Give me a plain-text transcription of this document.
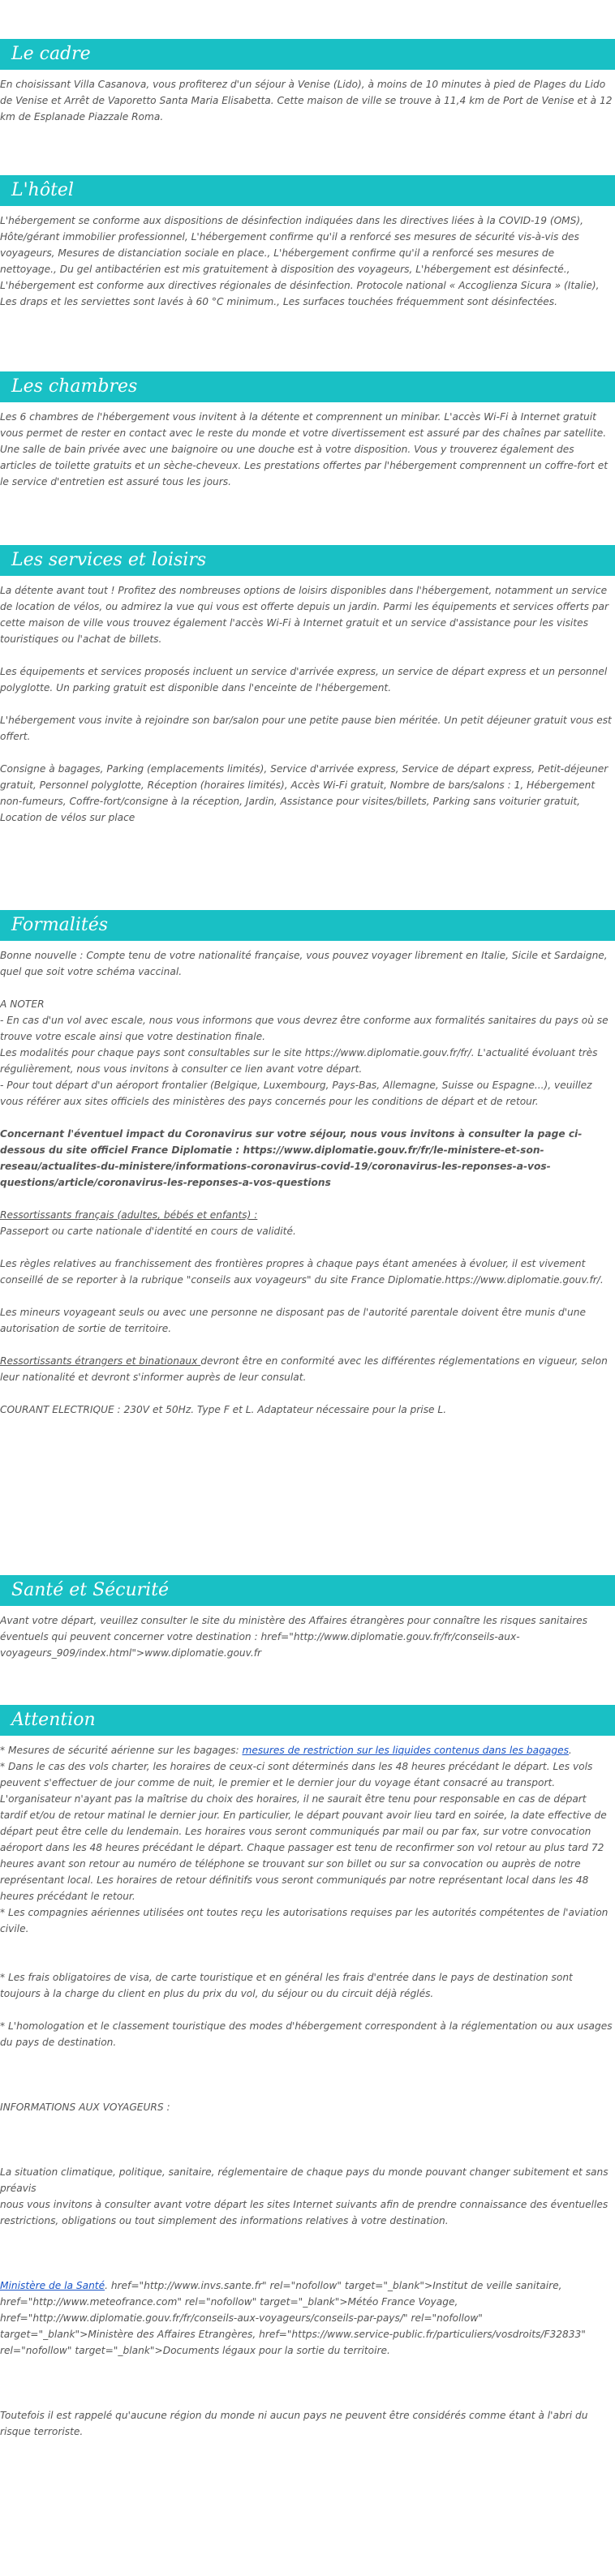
Le cadre

En choisissant Villa Casanova, vous profiterez d'un séjour à Venise (Lido), à moins de 10 minutes à pied de Plages du Lido de Venise et Arrêt de Vaporetto Santa Maria Elisabetta. Cette maison de ville se trouve à 11,4 km de Port de Venise et à 12 km de Esplanade Piazzale Roma.

L'hôtel

L'hébergement se conforme aux dispositions de désinfection indiquées dans les directives liées à la COVID-19 (OMS), Hôte/gérant immobilier professionnel, L'hébergement confirme qu'il a renforcé ses mesures de sécurité vis-à-vis des voyageurs, Mesures de distanciation sociale en place., L'hébergement confirme qu'il a renforcé ses mesures de nettoyage., Du gel antibactérien est mis gratuitement à disposition des voyageurs, L'hébergement est désinfecté., L'hébergement est conforme aux directives régionales de désinfection. Protocole national « Accoglienza Sicura » (Italie), Les draps et les serviettes sont lavés à 60 °C minimum., Les surfaces touchées fréquemment sont désinfectées.

Les chambres

Les 6 chambres de l'hébergement vous invitent à la détente et comprennent un minibar. L'accès Wi-Fi à Internet gratuit vous permet de rester en contact avec le reste du monde et votre divertissement est assuré par des chaînes par satellite. Une salle de bain privée avec une baignoire ou une douche est à votre disposition. Vous y trouverez également des articles de toilette gratuits et un sèche-cheveux. Les prestations offertes par l'hébergement comprennent un coffre-fort et le service d'entretien est assuré tous les jours.

Les services et loisirs

La détente avant tout ! Profitez des nombreuses options de loisirs disponibles dans l'hébergement, notamment un service de location de vélos, ou admirez la vue qui vous est offerte depuis un jardin. Parmi les équipements et services offerts par cette maison de ville vous trouvez également l'accès Wi-Fi à Internet gratuit et un service d'assistance pour les visites touristiques ou l'achat de billets.

Les équipements et services proposés incluent un service d'arrivée express, un service de départ express et un personnel polyglotte. Un parking gratuit est disponible dans l'enceinte de l'hébergement.

L'hébergement vous invite à rejoindre son bar/salon pour une petite pause bien méritée. Un petit déjeuner gratuit vous est offert.

Consigne à bagages, Parking (emplacements limités), Service d'arrivée express, Service de départ express, Petit-déjeuner gratuit, Personnel polyglotte, Réception (horaires limités), Accès Wi-Fi gratuit, Nombre de bars/salons : 1, Hébergement non-fumeurs, Coffre-fort/consigne à la réception, Jardin, Assistance pour visites/billets, Parking sans voiturier gratuit, Location de vélos sur place

Formalités

Bonne nouvelle : Compte tenu de votre nationalité française, vous pouvez voyager librement en Italie, Sicile et Sardaigne, quel que soit votre schéma vaccinal.

A NOTER

- En cas d'un vol avec escale, nous vous informons que vous devrez être conforme aux formalités sanitaires du pays où se trouve votre escale ainsi que votre destination finale.

Les modalités pour chaque pays sont consultables sur le site https://www.diplomatie.gouv.fr/fr/. L'actualité évoluant très régulièrement, nous vous invitons à consulter ce lien avant votre départ.

- Pour tout départ d'un aéroport frontalier (Belgique, Luxembourg, Pays-Bas, Allemagne, Suisse ou Espagne...), veuillez vous référer aux sites officiels des ministères des pays concernés pour les conditions de départ et de retour.

Concernant l'éventuel impact du Coronavirus sur votre séjour, nous vous invitons à consulter la page ci-dessous du site officiel France Diplomatie : https://www.diplomatie.gouv.fr/fr/le-ministere-et-son-reseau/actualites-du-ministere/informations-coronavirus-covid-19/coronavirus-les-reponses-a-vos-questions/article/coronavirus-les-reponses-a-vos-questions

Ressortissants français (adultes, bébés et enfants) :

Passeport ou carte nationale d'identité en cours de validité.

Les règles relatives au franchissement des frontières propres à chaque pays étant amenées à évoluer, il est vivement conseillé de se reporter à la rubrique "conseils aux voyageurs" du site France Diplomatie.https://www.diplomatie.gouv.fr/.

Les mineurs voyageant seuls ou avec une personne ne disposant pas de l'autorité parentale doivent être munis d'une autorisation de sortie de territoire.

Ressortissants étrangers et binationaux devront être en conformité avec les différentes réglementations en vigueur, selon leur nationalité et devront s'informer auprès de leur consulat.

COURANT ELECTRIQUE : 230V et 50Hz. Type F et L. Adaptateur nécessaire pour la prise L.

Santé et Sécurité

Avant votre départ, veuillez consulter le site du ministère des Affaires étrangères pour connaître les risques sanitaires éventuels qui peuvent concerner votre destination : href="http://www.diplomatie.gouv.fr/fr/conseils-aux-voyageurs_909/index.html">www.diplomatie.gouv.fr

Attention

* Mesures de sécurité aérienne sur les bagages: mesures de restriction sur les liquides contenus dans les bagages.

* Dans le cas des vols charter, les horaires de ceux-ci sont déterminés dans les 48 heures précédant le départ. Les vols peuvent s'effectuer de jour comme de nuit, le premier et le dernier jour du voyage étant consacré au transport. L'organisateur n'ayant pas la maîtrise du choix des horaires, il ne saurait être tenu pour responsable en cas de départ tardif et/ou de retour matinal le dernier jour. En particulier, le départ pouvant avoir lieu tard en soirée, la date effective de départ peut être celle du lendemain. Les horaires vous seront communiqués par mail ou par fax, sur votre convocation aéroport dans les 48 heures précédant le départ. Chaque passager est tenu de reconfirmer son vol retour au plus tard 72 heures avant son retour au numéro de téléphone se trouvant sur son billet ou sur sa convocation ou auprès de notre représentant local. Les horaires de retour définitifs vous seront communiqués par notre représentant local dans les 48 heures précédant le retour.

* Les compagnies aériennes utilisées ont toutes reçu les autorisations requises par les autorités compétentes de l'aviation civile.

* Les frais obligatoires de visa, de carte touristique et en général les frais d'entrée dans le pays de destination sont toujours à la charge du client en plus du prix du vol, du séjour ou du circuit déjà réglés.

* L'homologation et le classement touristique des modes d'hébergement correspondent à la réglementation ou aux usages du pays de destination.

INFORMATIONS AUX VOYAGEURS :

La situation climatique, politique, sanitaire, réglementaire de chaque pays du monde pouvant changer subitement et sans préavis

nous vous invitons à consulter avant votre départ les sites Internet suivants afin de prendre connaissance des éventuelles restrictions, obligations ou tout simplement des informations relatives à votre destination.

Ministère de la Santé. href="http://www.invs.sante.fr" rel="nofollow" target="_blank">Institut de veille sanitaire, href="http://www.meteofrance.com" rel="nofollow" target="_blank">Météo France Voyage, href="http://www.diplomatie.gouv.fr/fr/conseils-aux-voyageurs/conseils-par-pays/" rel="nofollow" target="_blank">Ministère des Affaires Etrangères, href="https://www.service-public.fr/particuliers/vosdroits/F32833" rel="nofollow" target="_blank">Documents légaux pour la sortie du territoire.

Toutefois il est rappelé qu'aucune région du monde ni aucun pays ne peuvent être considérés comme étant à l'abri du risque terroriste.
